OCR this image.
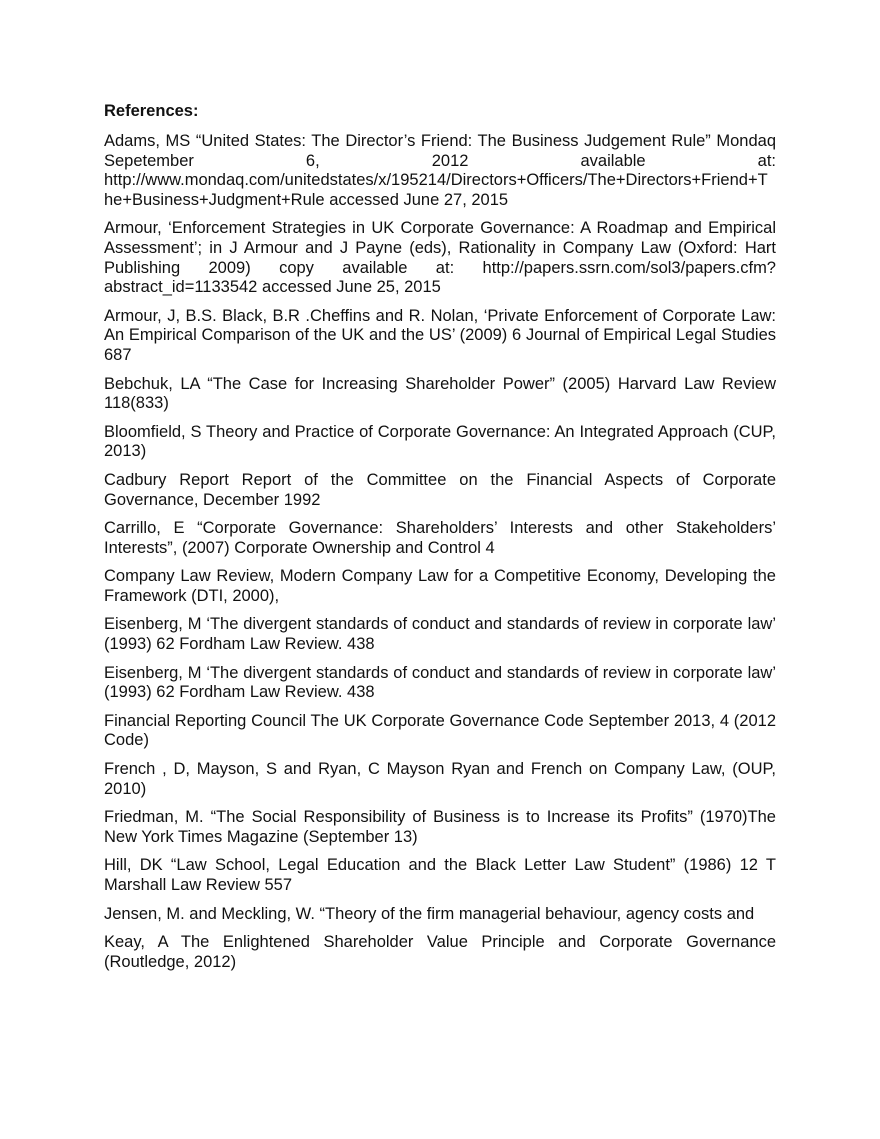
References:

Adams, MS “United States: The Director’s Friend: The Business Judgement Rule” Mondaq Sepetember 6, 2012 available at: http://www.mondaq.com/unitedstates/x/195214/Directors+Officers/The+Directors+Friend+The+Business+Judgment+Rule accessed June 27, 2015

Armour, ‘Enforcement Strategies in UK Corporate Governance: A Roadmap and Empirical Assessment’; in J Armour and J Payne (eds), Rationality in Company Law (Oxford: Hart Publishing 2009) copy available at: http://papers.ssrn.com/sol3/papers.cfm?abstract_id=1133542 accessed June 25, 2015

Armour, J, B.S. Black, B.R .Cheffins and R. Nolan, ‘Private Enforcement of Corporate Law: An Empirical Comparison of the UK and the US’ (2009) 6 Journal of Empirical Legal Studies 687

Bebchuk, LA “The Case for Increasing Shareholder Power” (2005) Harvard Law Review 118(833)

Bloomfield, S Theory and Practice of Corporate Governance: An Integrated Approach (CUP, 2013)

Cadbury Report Report of the Committee on the Financial Aspects of Corporate Governance, December 1992

Carrillo, E “Corporate Governance: Shareholders’ Interests and other Stakeholders’ Interests”, (2007) Corporate Ownership and Control 4

Company Law Review, Modern Company Law for a Competitive Economy, Developing the Framework (DTI, 2000),

Eisenberg, M ‘The divergent standards of conduct and standards of review in corporate law’ (1993) 62 Fordham Law Review. 438

Eisenberg, M ‘The divergent standards of conduct and standards of review in corporate law’ (1993) 62 Fordham Law Review. 438

Financial Reporting Council The UK Corporate Governance Code September 2013, 4 (2012 Code)

French , D, Mayson, S and Ryan, C Mayson Ryan and French on Company Law, (OUP, 2010)

Friedman, M. “The Social Responsibility of Business is to Increase its Profits” (1970)The New York Times Magazine (September 13)

Hill, DK “Law School, Legal Education and the Black Letter Law Student” (1986) 12 T Marshall Law Review 557

Jensen, M. and Meckling, W. “Theory of the firm managerial behaviour, agency costs and

Keay, A The Enlightened Shareholder Value Principle and Corporate Governance (Routledge, 2012)
